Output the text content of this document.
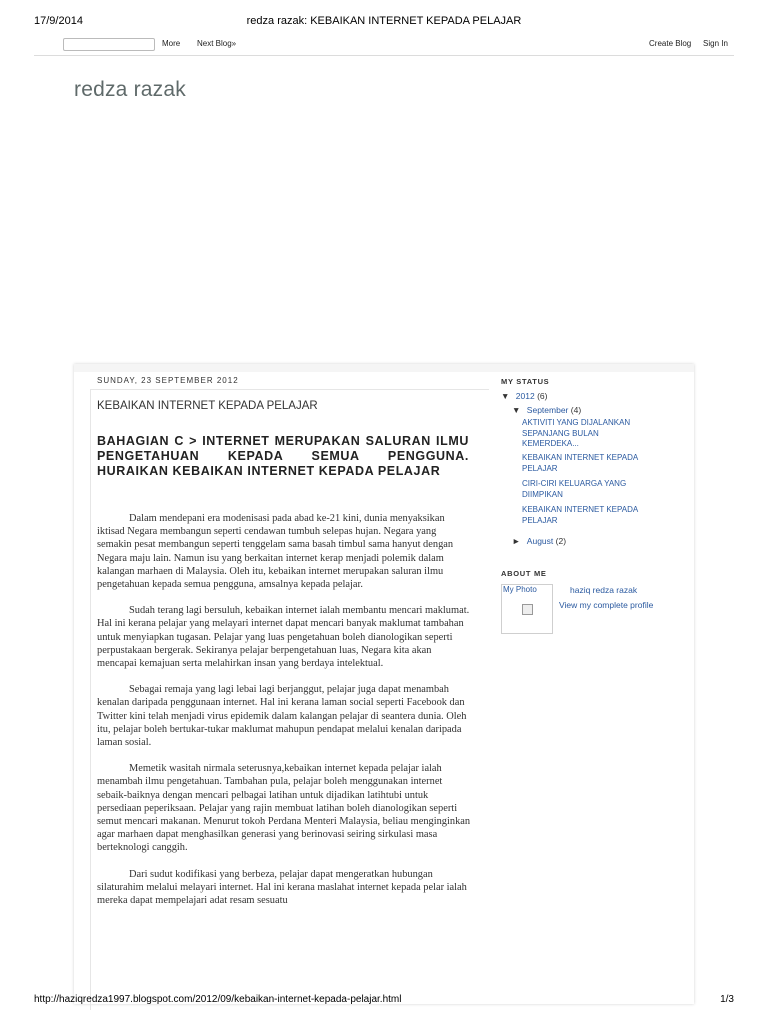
17/9/2014	redza razak: KEBAIKAN INTERNET KEPADA PELAJAR
More Next Blog»	Create Blog Sign In
redza razak
SUNDAY, 23 SEPTEMBER 2012
KEBAIKAN INTERNET KEPADA PELAJAR
BAHAGIAN C > INTERNET MERUPAKAN SALURAN ILMU PENGETAHUAN KEPADA SEMUA PENGGUNA. HURAIKAN KEBAIKAN INTERNET KEPADA PELAJAR

Dalam mendepani era modenisasi pada abad ke-21 kini, dunia menyaksikan iktisad Negara membangun seperti cendawan tumbuh selepas hujan. Negara yang semakin pesat membangun seperti tenggelam sama basah timbul sama hanyut dengan Negara maju lain. Namun isu yang berkaitan internet kerap menjadi polemik dalam kalangan marhaen di Malaysia. Oleh itu, kebaikan internet merupakan saluran ilmu pengetahuan kepada semua pengguna, amsalnya kepada pelajar.

Sudah terang lagi bersuluh, kebaikan internet ialah membantu mencari maklumat. Hal ini kerana pelajar yang melayari internet dapat mencari banyak maklumat tambahan untuk menyiapkan tugasan. Pelajar yang luas pengetahuan boleh dianologikan seperti perpustakaan bergerak. Sekiranya pelajar berpengetahuan luas, Negara kita akan mencapai kemajuan serta melahirkan insan yang berdaya intelektual.

Sebagai remaja yang lagi lebai lagi berjanggut, pelajar juga dapat menambah kenalan daripada penggunaan internet. Hal ini kerana laman social seperti Facebook dan Twitter kini telah menjadi virus epidemik dalam kalangan pelajar di seantera dunia. Oleh itu, pelajar boleh bertukar-tukar maklumat mahupun pendapat melalui kenalan daripada laman sosial.

Memetik wasitah nirmala seterusnya,kebaikan internet kepada pelajar ialah menambah ilmu pengetahuan. Tambahan pula, pelajar boleh menggunakan internet sebaik-baiknya dengan mencari pelbagai latihan untuk dijadikan latihtubi untuk persediaan peperiksaan. Pelajar yang rajin membuat latihan boleh dianologikan seperti semut mencari makanan. Menurut tokoh Perdana Menteri Malaysia, beliau menginginkan agar marhaen dapat menghasilkan generasi yang berinovasi seiring sirkulasi masa berteknologi canggih.

Dari sudut kodifikasi yang berbeza, pelajar dapat mengeratkan hubungan silaturahim melalui melayari internet. Hal ini kerana maslahat internet kepada pelar ialah mereka dapat mempelajari adat resam sesuatu

MY STATUS
▼ 2012 (6)
▼ September (4)
AKTIVITI YANG DIJALANKAN SEPANJANG BULAN KEMERDEKA...
KEBAIKAN INTERNET KEPADA PELAJAR
CIRI-CIRI KELUARGA YANG DIIMPIKAN
KEBAIKAN INTERNET KEPADA PELAJAR
► August (2)
ABOUT ME
My Photo	haziq redza razak
View my complete profile
http://haziqredza1997.blogspot.com/2012/09/kebaikan-internet-kepada-pelajar.html	1/3
